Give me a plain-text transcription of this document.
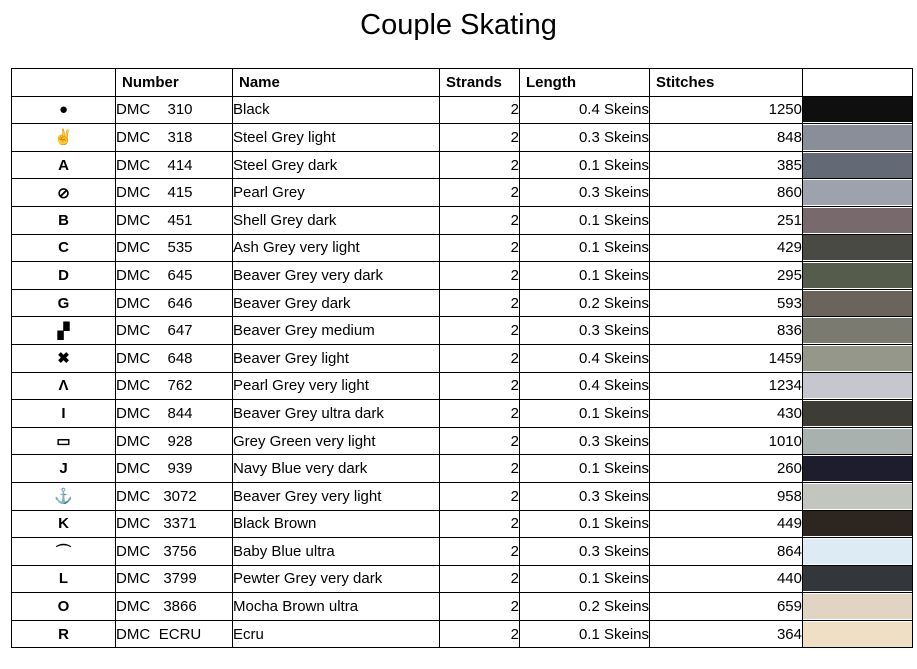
Couple Skating
	Number	Name	Strands	Length	Stitches	
●	DMC 310	Black	2	0.4 Skeins	1250	

✌	DMC 318	Steel Grey light	2	0.3 Skeins	848	

A	DMC 414	Steel Grey dark	2	0.1 Skeins	385	

⊘	DMC 415	Pearl Grey	2	0.3 Skeins	860	

B	DMC 451	Shell Grey dark	2	0.1 Skeins	251	

C	DMC 535	Ash Grey very light	2	0.1 Skeins	429	

D	DMC 645	Beaver Grey very dark	2	0.1 Skeins	295	

G	DMC 646	Beaver Grey dark	2	0.2 Skeins	593	

▞	DMC 647	Beaver Grey medium	2	0.3 Skeins	836	

✖	DMC 648	Beaver Grey light	2	0.4 Skeins	1459	

Λ	DMC 762	Pearl Grey very light	2	0.4 Skeins	1234	

I	DMC 844	Beaver Grey ultra dark	2	0.1 Skeins	430	

▭	DMC 928	Grey Green very light	2	0.3 Skeins	1010	

J	DMC 939	Navy Blue very dark	2	0.1 Skeins	260	

⚓	DMC 3072	Beaver Grey very light	2	0.3 Skeins	958	

K	DMC 3371	Black Brown	2	0.1 Skeins	449	

⌒	DMC 3756	Baby Blue ultra	2	0.3 Skeins	864	

L	DMC 3799	Pewter Grey very dark	2	0.1 Skeins	440	

O	DMC 3866	Mocha Brown ultra	2	0.2 Skeins	659	

R	DMC ECRU	Ecru	2	0.1 Skeins	364	
